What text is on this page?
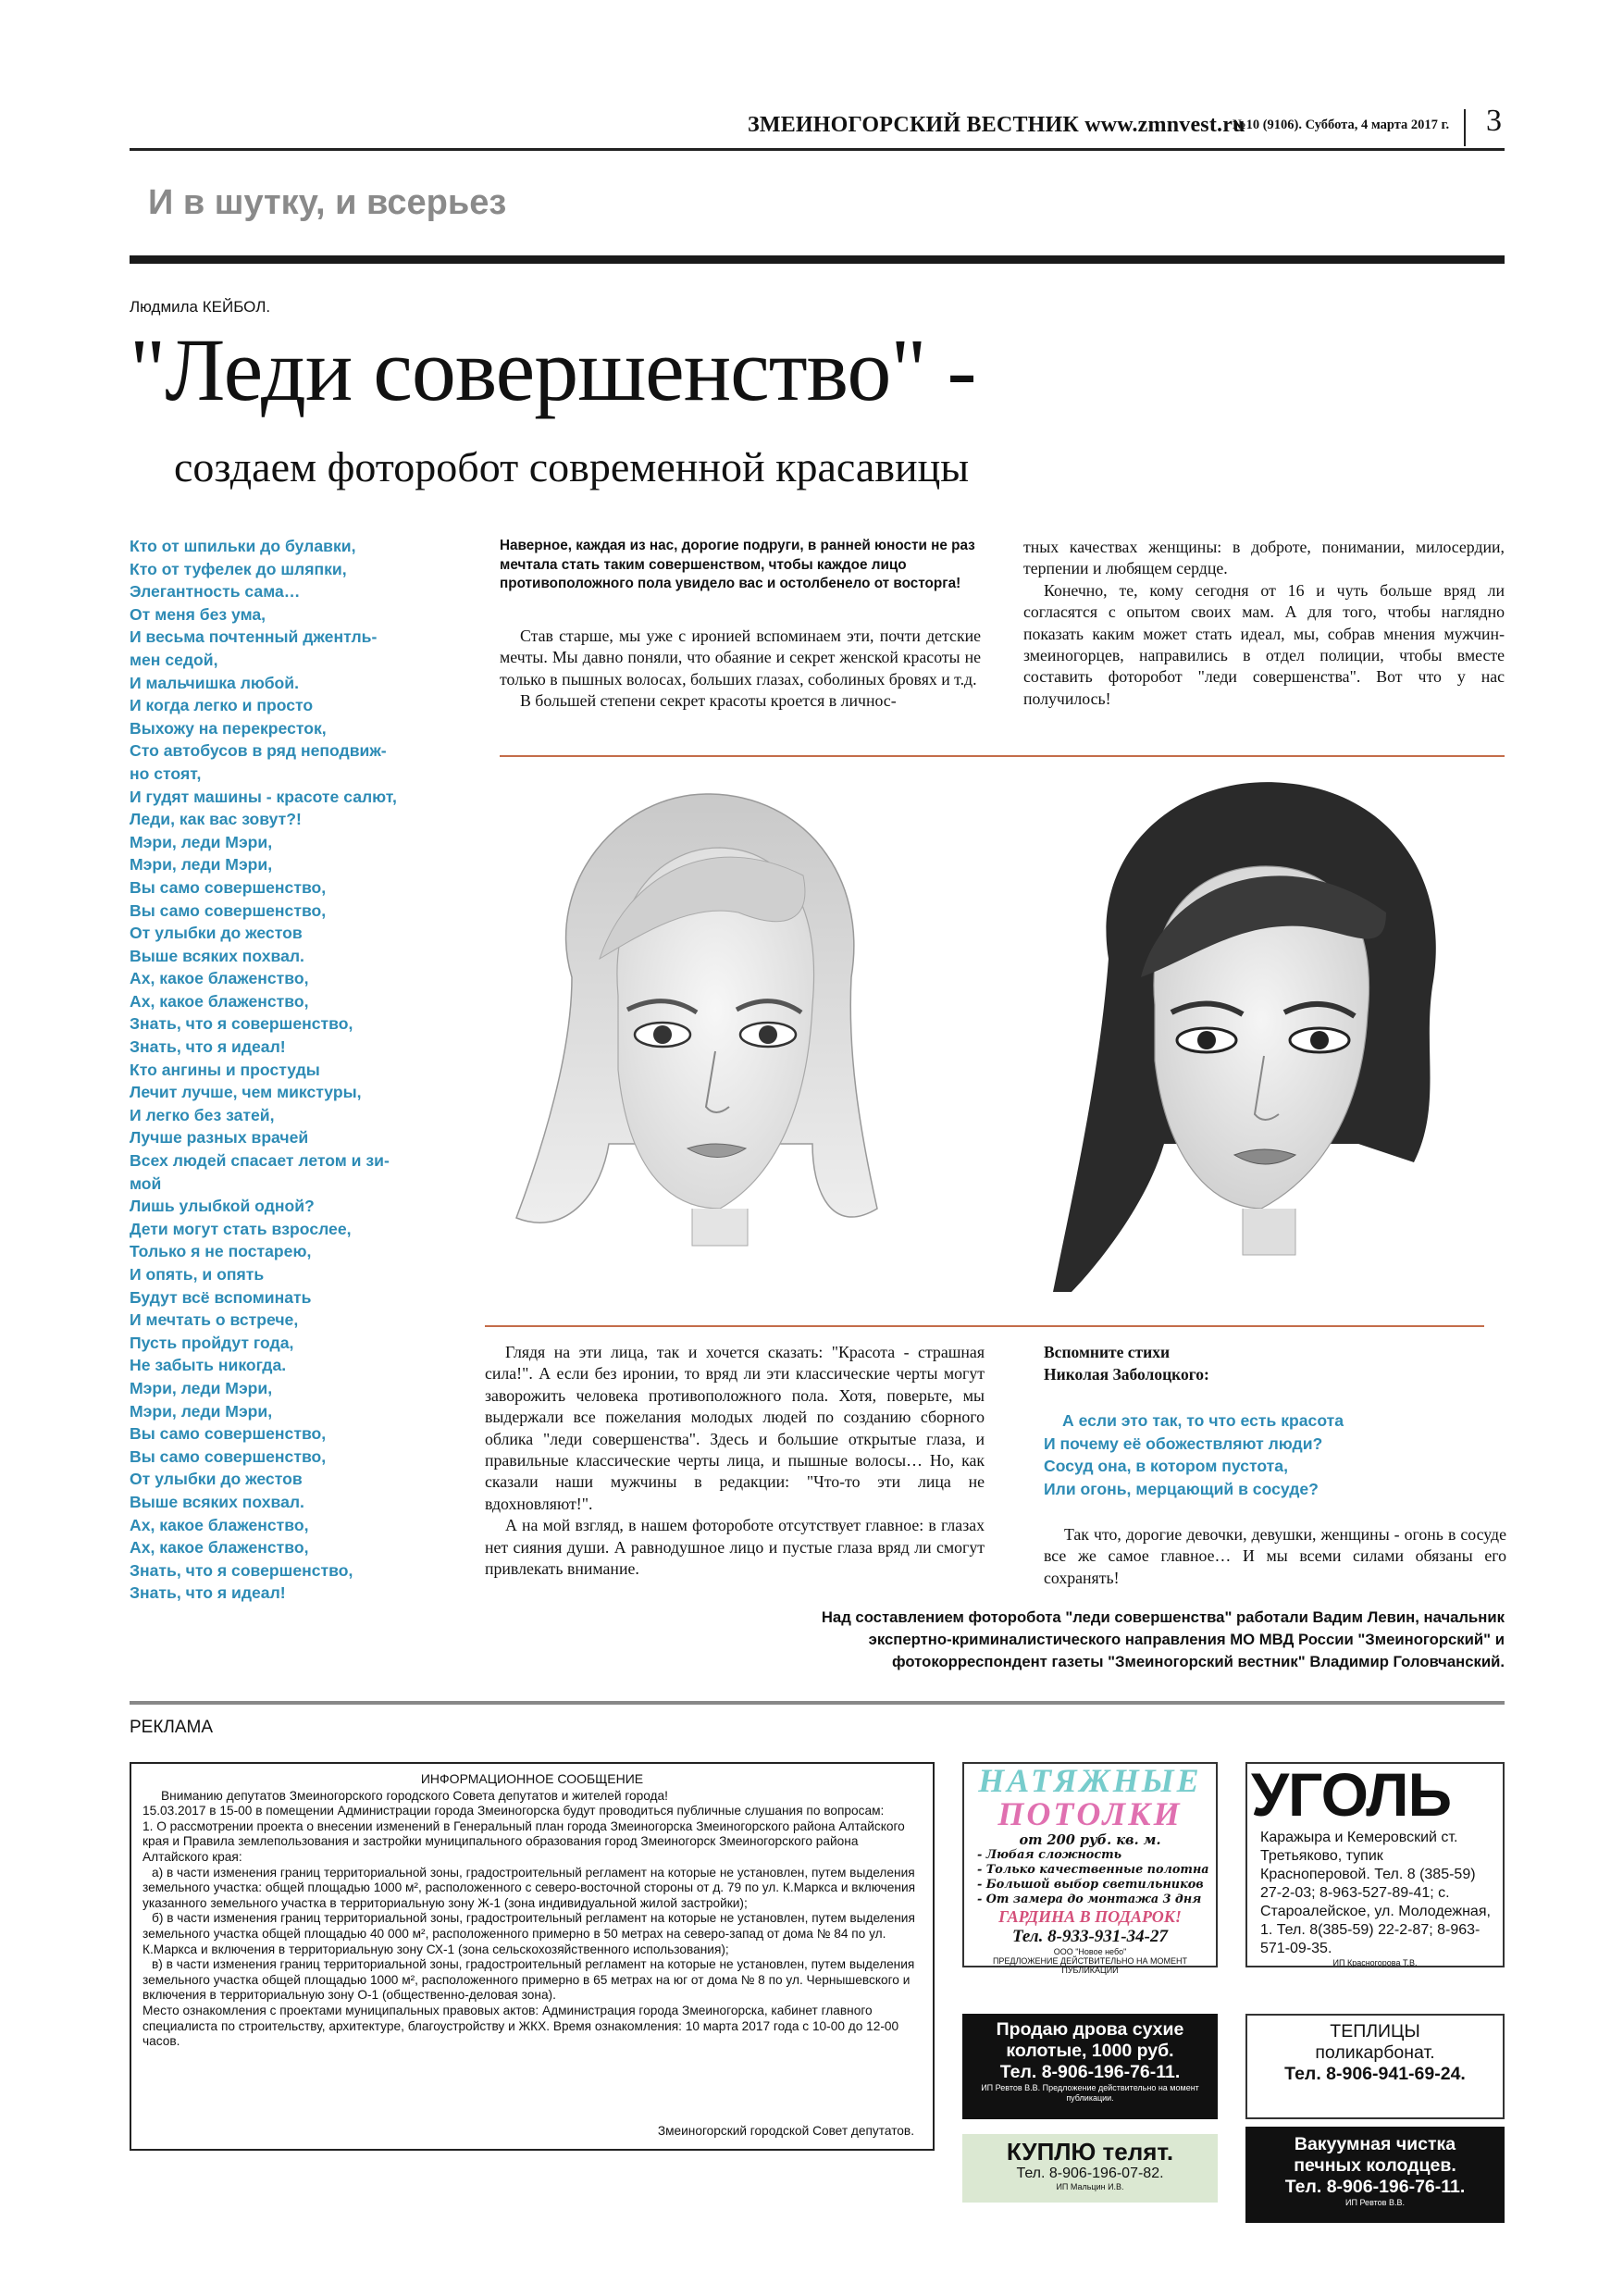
ЗМЕИНОГОРСКИЙ ВЕСТНИК www.zmnvest.ru
№10 (9106). Суббота, 4 марта 2017 г. 3
И в шутку, и всерьез
Людмила КЕЙБОЛ.
"Леди совершенство" -
создаем фоторобот современной красавицы
Кто от шпильки до булавки,
Кто от туфелек до шляпки,
Элегантность сама…
От меня без ума,
И весьма почтенный джентль-
мен седой,
И мальчишка любой.
И когда легко и просто
Выхожу на перекресток,
Сто автобусов в ряд неподвиж-
но стоят,
И гудят машины - красоте салют,
Леди, как вас зовут?!
Мэри, леди Мэри,
Мэри, леди Мэри,
Вы само совершенство,
Вы само совершенство,
От улыбки до жестов
Выше всяких похвал.
Ах, какое блаженство,
Ах, какое блаженство,
Знать, что я совершенство,
Знать, что я идеал!
Кто ангины и простуды
Лечит лучше, чем микстуры,
И легко без затей,
Лучше разных врачей
Всех людей спасает летом и зи-
мой
Лишь улыбкой одной?
Дети могут стать взрослее,
Только я не постарею,
И опять, и опять
Будут всё вспоминать
И мечтать о встрече,
Пусть пройдут года,
Не забыть никогда.
Мэри, леди Мэри,
Мэри, леди Мэри,
Вы само совершенство,
Вы само совершенство,
От улыбки до жестов
Выше всяких похвал.
Ах, какое блаженство,
Ах, какое блаженство,
Знать, что я совершенство,
Знать, что я идеал!
Наверное, каждая из нас, дорогие подруги, в ранней юности не раз мечтала стать таким совершенством, чтобы каждое лицо противоположного пола увидело вас и остолбенело от восторга!

Став старше, мы уже с иронией вспоминаем эти, почти детские мечты. Мы давно поняли, что обаяние и секрет женской красоты не только в пышных волосах, больших глазах, соболиных бровях и т.д.

В большей степени секрет красоты кроется в личнос-

тных качествах женщины: в доброте, понимании, милосердии, терпении и любящем сердце.

Конечно, те, кому сегодня от 16 и чуть больше вряд ли согласятся с опытом своих мам. А для того, чтобы наглядно показать каким может стать идеал, мы, собрав мнения мужчин-змеиногорцев, направились в отдел полиции, чтобы вместе составить фоторобот "леди совершенства". Вот что у нас получилось!

Глядя на эти лица, так и хочется сказать: "Красота - страшная сила!". А если без иронии, то вряд ли эти классические черты могут заворожить человека противоположного пола. Хотя, поверьте, мы выдержали все пожелания молодых людей по созданию сборного облика "леди совершенства". Здесь и большие открытые глаза, и правильные классические черты лица, и пышные волосы… Но, как сказали наши мужчины в редакции: "Что-то эти лица не вдохновляют!".

А на мой взгляд, в нашем фотороботе отсутствует главное: в глазах нет сияния души. А равнодушное лицо и пустые глаза вряд ли смогут привлекать внимание.

Вспомните стихи
Николая Заболоцкого:
А если это так, то что есть красота
И почему её обожествляют люди?
Сосуд она, в котором пустота,
Или огонь, мерцающий в сосуде?

Так что, дорогие девочки, девушки, женщины - огонь в сосуде все же самое главное… И мы всеми силами обязаны его сохранять!

Над составлением фоторобота "леди совершенства" работали Вадим Левин, начальник
экспертно-криминалистического направления МО МВД России "Змеиногорский" и
фотокорреспондент газеты "Змеиногорский вестник" Владимир Головчанский.
РЕКЛАМА
ИНФОРМАЦИОННОЕ СООБЩЕНИЕ

Вниманию депутатов Змеиногорского городского Совета депутатов и жителей города!

15.03.2017 в 15-00 в помещении Администрации города Змеиногорска будут проводиться публичные слушания по вопросам:

1. О рассмотрении проекта о внесении изменений в Генеральный план города Змеиногорска Змеиногорского района Алтайского края и Правила землепользования и застройки муниципального образования город Змеиногорск Змеиногорского района Алтайского края:

а) в части изменения границ территориальной зоны, градостроительный регламент на которые не установлен, путем выделения земельного участка: общей площадью 1000 м², расположенного с северо-восточной стороны от д. 79 по ул. К.Маркса и включения указанного земельного участка в территориальную зону Ж-1 (зона индивидуальной жилой застройки);

б) в части изменения границ территориальной зоны, градостроительный регламент на которые не установлен, путем выделения земельного участка общей площадью 40 000 м², расположенного примерно в 50 метрах на северо-запад от дома № 84 по ул. К.Маркса и включения в территориальную зону СХ-1 (зона сельскохозяйственного использования);

в) в части изменения границ территориальной зоны, градостроительный регламент на которые не установлен, путем выделения земельного участка общей площадью 1000 м², расположенного примерно в 65 метрах на юг от дома № 8 по ул. Чернышевского и включения в территориальную зону О-1 (общественно-деловая зона).

Место ознакомления с проектами муниципальных правовых актов: Администрация города Змеиногорска, кабинет главного специалиста по строительству, архитектуре, благоустройству и ЖКХ. Время ознакомления: 10 марта 2017 года с 10-00 до 12-00 часов.

Змеиногорский городской Совет депутатов.
НАТЯЖНЫЕ
ПОТОЛКИ
от 200 руб. кв. м.
- Любая сложность
- Только качественные полотна
- Большой выбор светильников
- От замера до монтажа 3 дня
ГАРДИНА В ПОДАРОК!
Тел. 8-933-931-34-27
ООО "Новое небо"
ПРЕДЛОЖЕНИЕ ДЕЙСТВИТЕЛЬНО НА МОМЕНТ ПУБЛИКАЦИИ
УГОЛЬ
Каражыра и Кемеровский ст. Третьяково, тупик Красноперовой. Тел. 8 (385-59) 27-2-03; 8-963-527-89-41; с. Староалейское, ул. Молодежная, 1. Тел. 8(385-59) 22-2-87; 8-963-571-09-35.
ИП Красногорова Т.В.
Продаю дрова сухие
колотые, 1000 руб.
Тел. 8-906-196-76-11.
ИП Ревтов В.В. Предложение действительно на момент публикации.
ТЕПЛИЦЫ
поликарбонат.
Тел. 8-906-941-69-24.
КУПЛЮ телят.
Тел. 8-906-196-07-82.
ИП Мальцин И.В.
Вакуумная чистка
печных колодцев.
Тел. 8-906-196-76-11.
ИП Ревтов В.В.
